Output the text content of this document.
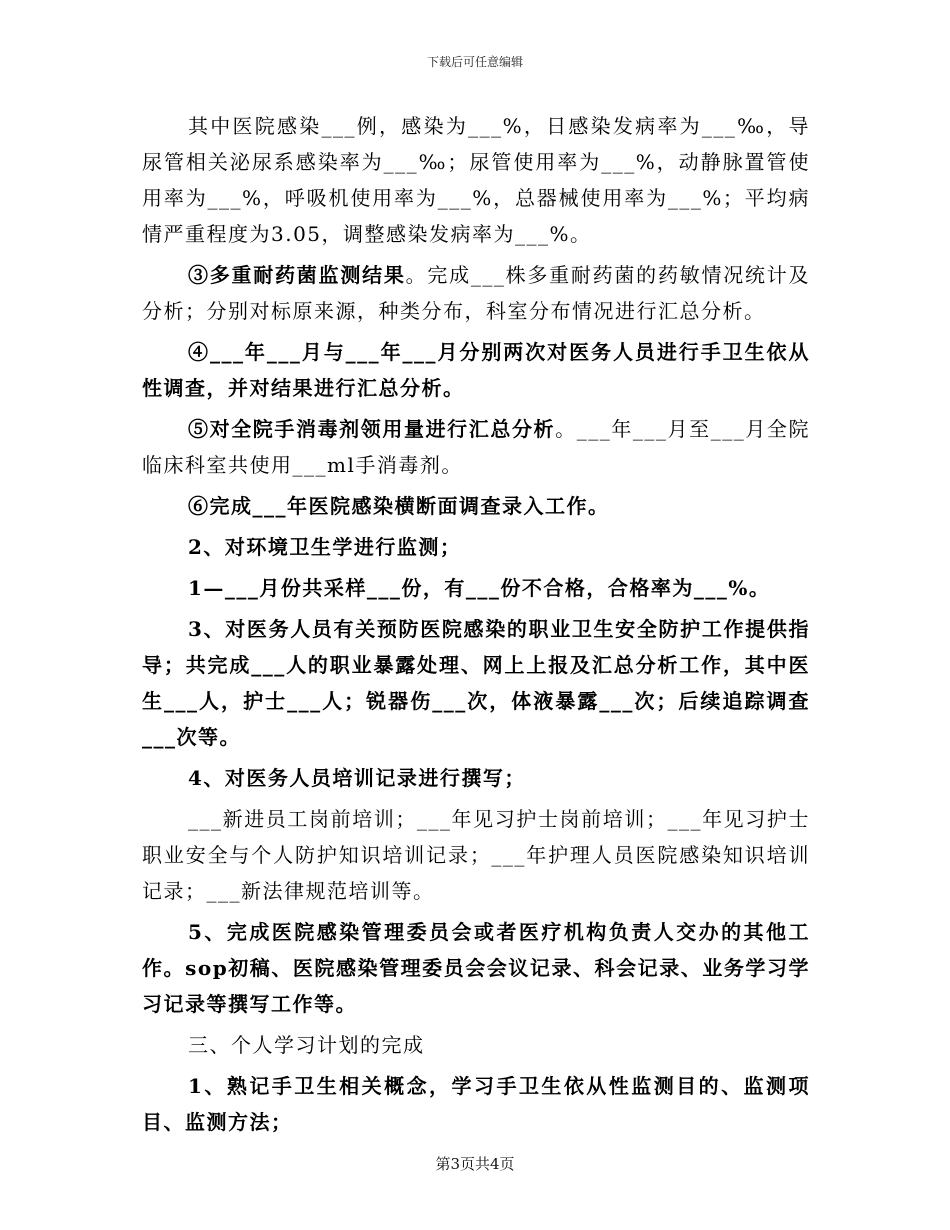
下载后可任意编辑

其中医院感染___例，感染为___%，日感染发病率为___‰，导尿管相关泌尿系感染率为___‰；尿管使用率为___%，动静脉置管使用率为___%，呼吸机使用率为___%，总器械使用率为___%；平均病情严重程度为3.05，调整感染发病率为___%。

③多重耐药菌监测结果。完成___株多重耐药菌的药敏情况统计及分析；分别对标原来源，种类分布，科室分布情况进行汇总分析。

④___年___月与___年___月分别两次对医务人员进行手卫生依从性调查，并对结果进行汇总分析。

⑤对全院手消毒剂领用量进行汇总分析。___年___月至___月全院临床科室共使用___ml手消毒剂。

⑥完成___年医院感染横断面调查录入工作。

2、对环境卫生学进行监测；

1—___月份共采样___份，有___份不合格，合格率为___%。

3、对医务人员有关预防医院感染的职业卫生安全防护工作提供指导；共完成___人的职业暴露处理、网上上报及汇总分析工作，其中医生___人，护士___人；锐器伤___次，体液暴露___次；后续追踪调查___次等。

4、对医务人员培训记录进行撰写；

___新进员工岗前培训；___年见习护士岗前培训；___年见习护士职业安全与个人防护知识培训记录；___年护理人员医院感染知识培训记录；___新法律规范培训等。

5、完成医院感染管理委员会或者医疗机构负责人交办的其他工作。sop初稿、医院感染管理委员会会议记录、科会记录、业务学习学习记录等撰写工作等。

三、个人学习计划的完成

1、熟记手卫生相关概念，学习手卫生依从性监测目的、监测项目、监测方法；

第3页共4页
